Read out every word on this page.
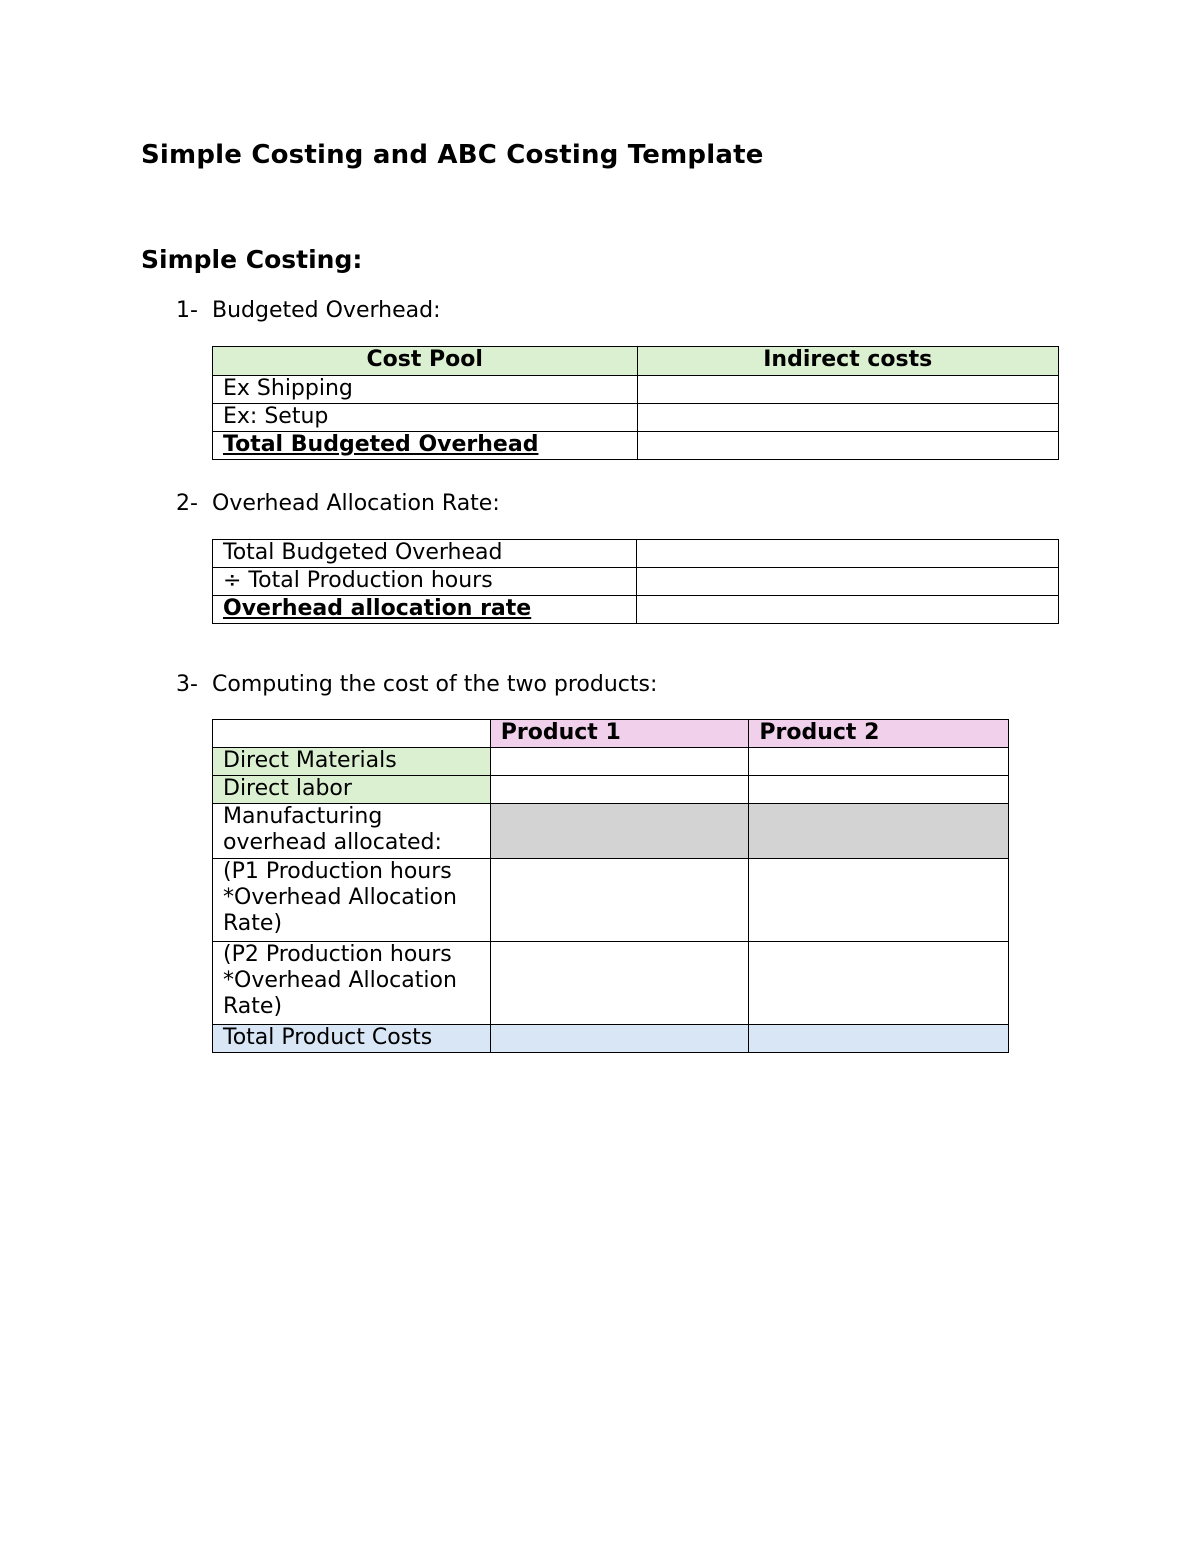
Simple Costing and ABC Costing Template
Simple Costing:

1- Budgeted Overhead:

Cost Pool	Indirect costs
Ex Shipping	
Ex: Setup	
Total Budgeted Overhead	

2- Overhead Allocation Rate:

Total Budgeted Overhead	
÷ Total Production hours	
Overhead allocation rate	

3- Computing the cost of the two products:

	Product 1	Product 2
Direct Materials		
Direct labor		
Manufacturing overhead allocated:		
(P1 Production hours *Overhead Allocation Rate)		
(P2 Production hours *Overhead Allocation Rate)		
Total Product Costs		
